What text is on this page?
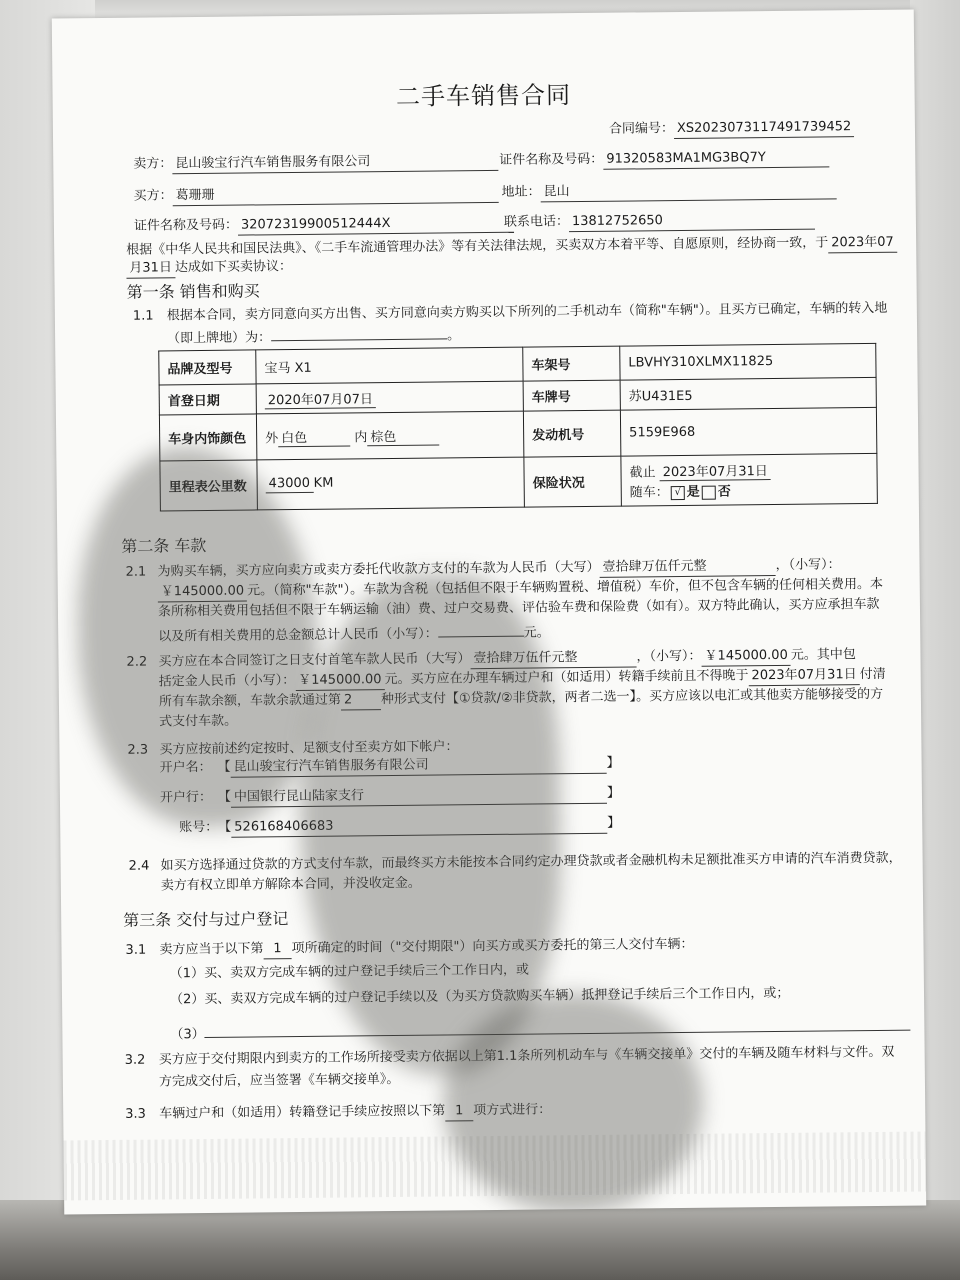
二手车销售合同
合同编号： XS2023073117491739452
卖方： 昆山骏宝行汽车销售服务有限公司	证件名称及号码： 91320583MA1MG3BQ7Y
买方： 葛珊珊	地址： 昆山
证件名称及号码： 32072319900512444X	联系电话： 13812752650
根据《中华人民共和国民法典》、《二手车流通管理办法》等有关法律法规，买卖双方本着平等、自愿原则，经协商一致，于 2023年07
月31日 达成如下买卖协议：
第一条 销售和购买
1.1 根据本合同，卖方同意向买方出售、买方同意向卖方购买以下所列的二手机动车（简称"车辆"）。且买方已确定，车辆的转入地
（即上牌地）为：	。
品牌及型号	宝马 X1	车架号	LBVHY310XLMX11825
首登日期	2020年07月07日	车牌号	苏U431E5
车身内饰颜色	外 白色 内 棕色	发动机号	5159E968
里程表公里数	43000 KM	保险状况	截止 2023年07月31日
随车： √ 是 否
第二条 车款
2.1 为购买车辆，买方应向卖方或卖方委托代收款方支付的车款为人民币（大写） 壹拾肆万伍仟元整	，（小写）：
￥145000.00 元。（简称"车款"）。车款为含税（包括但不限于车辆购置税、增值税）车价，但不包含车辆的任何相关费用。本
条所称相关费用包括但不限于车辆运输（油）费、过户交易费、评估验车费和保险费（如有）。双方特此确认，买方应承担车款
以及所有相关费用的总金额总计人民币（小写）：	元。
2.2 买方应在本合同签订之日支付首笔车款人民币（大写） 壹拾肆万伍仟元整	，（小写）： ￥145000.00 元。其中包
括定金人民币（小写）： ￥145000.00 元。买方应在办理车辆过户和（如适用）转籍手续前且不得晚于 2023年07月31日 付清
所有车款余额，车款余款通过第 2 种形式支付【①贷款/②非贷款，两者二选一】。买方应该以电汇或其他卖方能够接受的方
式支付车款。
2.3 买方应按前述约定按时、足额支付至卖方如下帐户：
开户名： 【 昆山骏宝行汽车销售服务有限公司	】
开户行： 【 中国银行昆山陆家支行	】
账号：【 526168406683	】
2.4 如买方选择通过贷款的方式支付车款，而最终买方未能按本合同约定办理贷款或者金融机构未足额批准买方申请的汽车消费贷款，
卖方有权立即单方解除本合同，并没收定金。
第三条 交付与过户登记
3.1 卖方应当于以下第 1 项所确定的时间（"交付期限"）向买方或买方委托的第三人交付车辆：
（1）买、卖双方完成车辆的过户登记手续后三个工作日内，或
（2）买、卖双方完成车辆的过户登记手续以及（为买方贷款购买车辆）抵押登记手续后三个工作日内，或；
（3）
3.2 买方应于交付期限内到卖方的工作场所接受卖方依据以上第1.1条所列机动车与《车辆交接单》交付的车辆及随车材料与文件。双
方完成交付后，应当签署《车辆交接单》。
3.3 车辆过户和（如适用）转籍登记手续应按照以下第 1 项方式进行：
